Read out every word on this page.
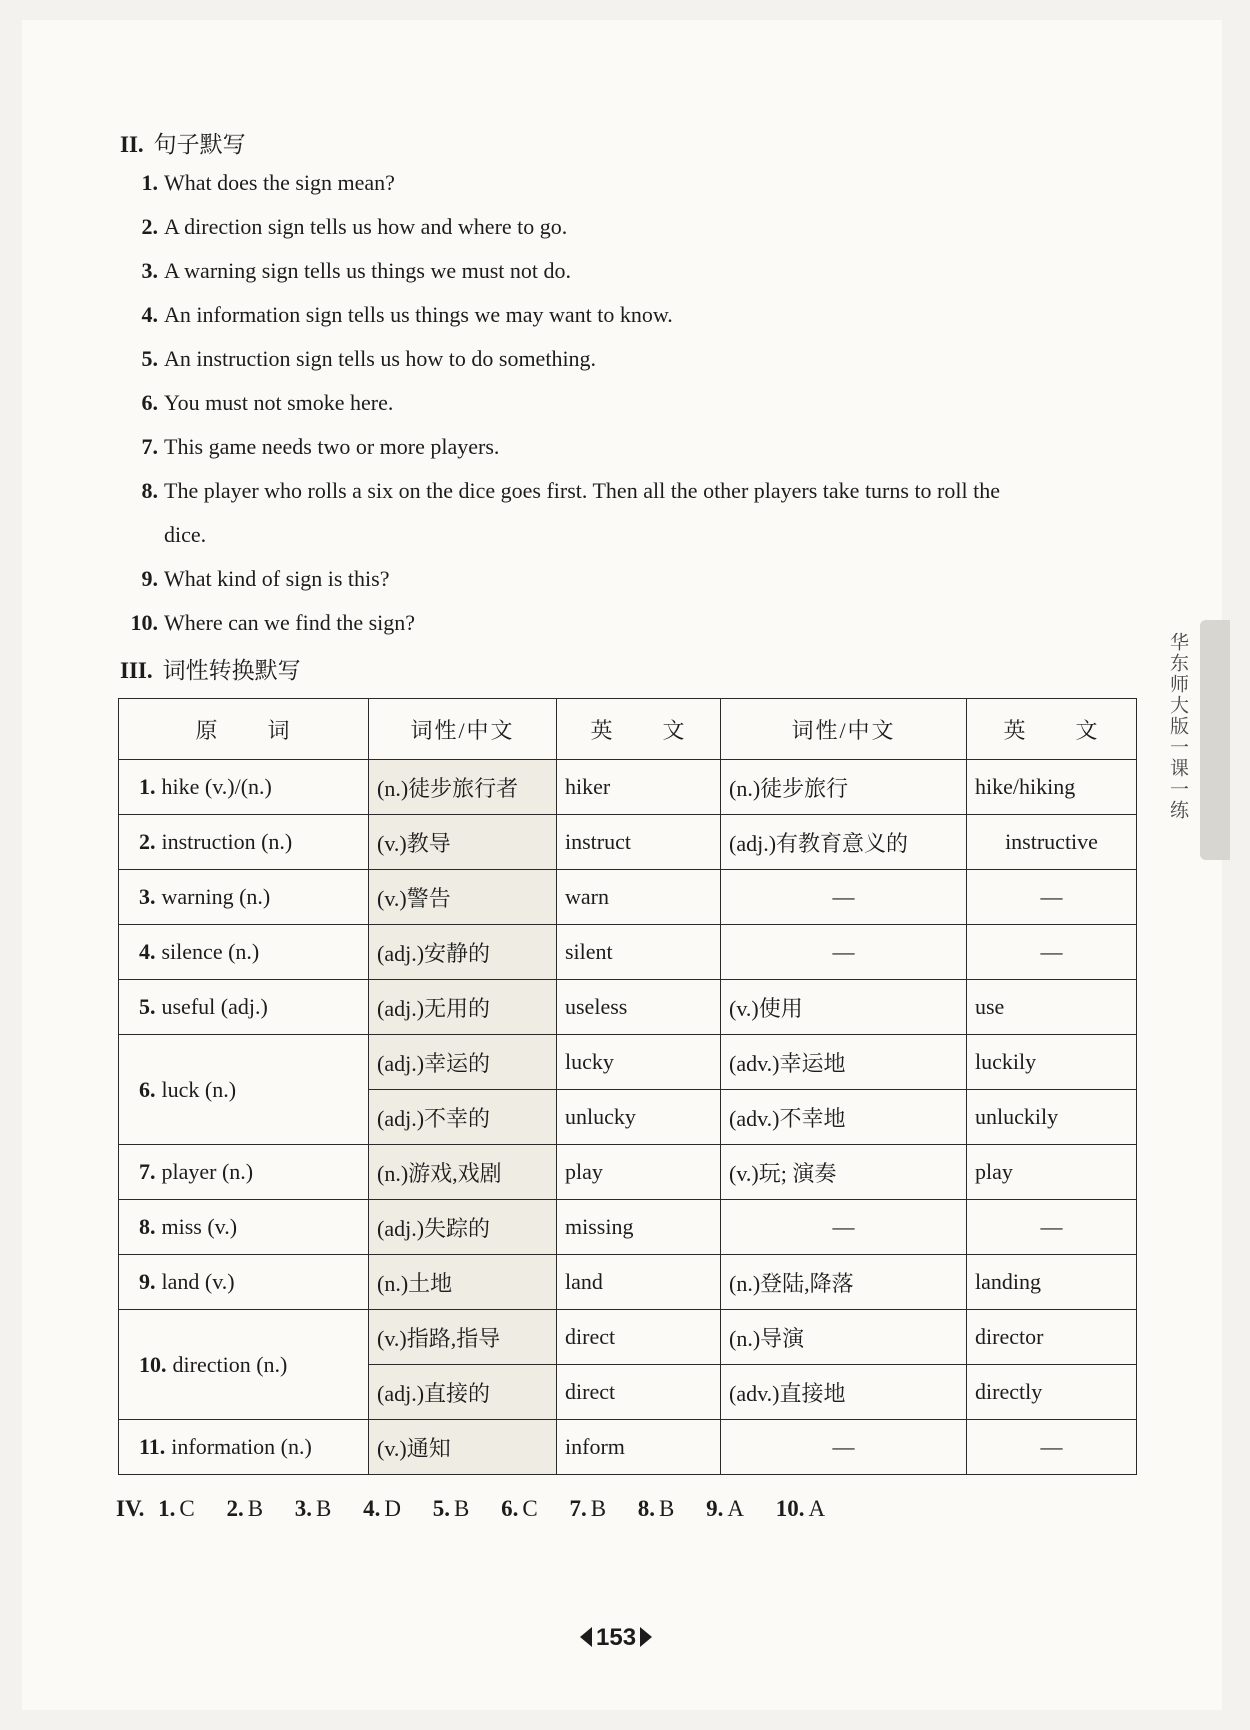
华东师大版一课一练
II. 句子默写
1. What does the sign mean?
2. A direction sign tells us how and where to go.
3. A warning sign tells us things we must not do.
4. An information sign tells us things we may want to know.
5. An instruction sign tells us how to do something.
6. You must not smoke here.
7. This game needs two or more players.
8. The player who rolls a six on the dice goes first. Then all the other players take turns to roll the
dice.
9. What kind of sign is this?
10. Where can we find the sign?
III. 词性转换默写
原　　词	词性/中文	英　　文	词性/中文	英　　文
1. hike (v.)/(n.)	(n.)徒步旅行者	hiker	(n.)徒步旅行	hike/hiking
2. instruction (n.)	(v.)教导	instruct	(adj.)有教育意义的	instructive
3. warning (n.)	(v.)警告	warn	—	—
4. silence (n.)	(adj.)安静的	silent	—	—
5. useful (adj.)	(adj.)无用的	useless	(v.)使用	use
6. luck (n.)	(adj.)幸运的	lucky	(adv.)幸运地	luckily
	(adj.)不幸的	unlucky	(adv.)不幸地	unluckily
7. player (n.)	(n.)游戏,戏剧	play	(v.)玩; 演奏	play
8. miss (v.)	(adj.)失踪的	missing	—	—
9. land (v.)	(n.)土地	land	(n.)登陆,降落	landing
10. direction (n.)	(v.)指路,指导	direct	(n.)导演	director
	(adj.)直接的	direct	(adv.)直接地	directly
11. information (n.)	(v.)通知	inform	—	—
IV. 1. C 2. B 3. B 4. D 5. B 6. C 7. B 8. B 9. A 10. A
153
